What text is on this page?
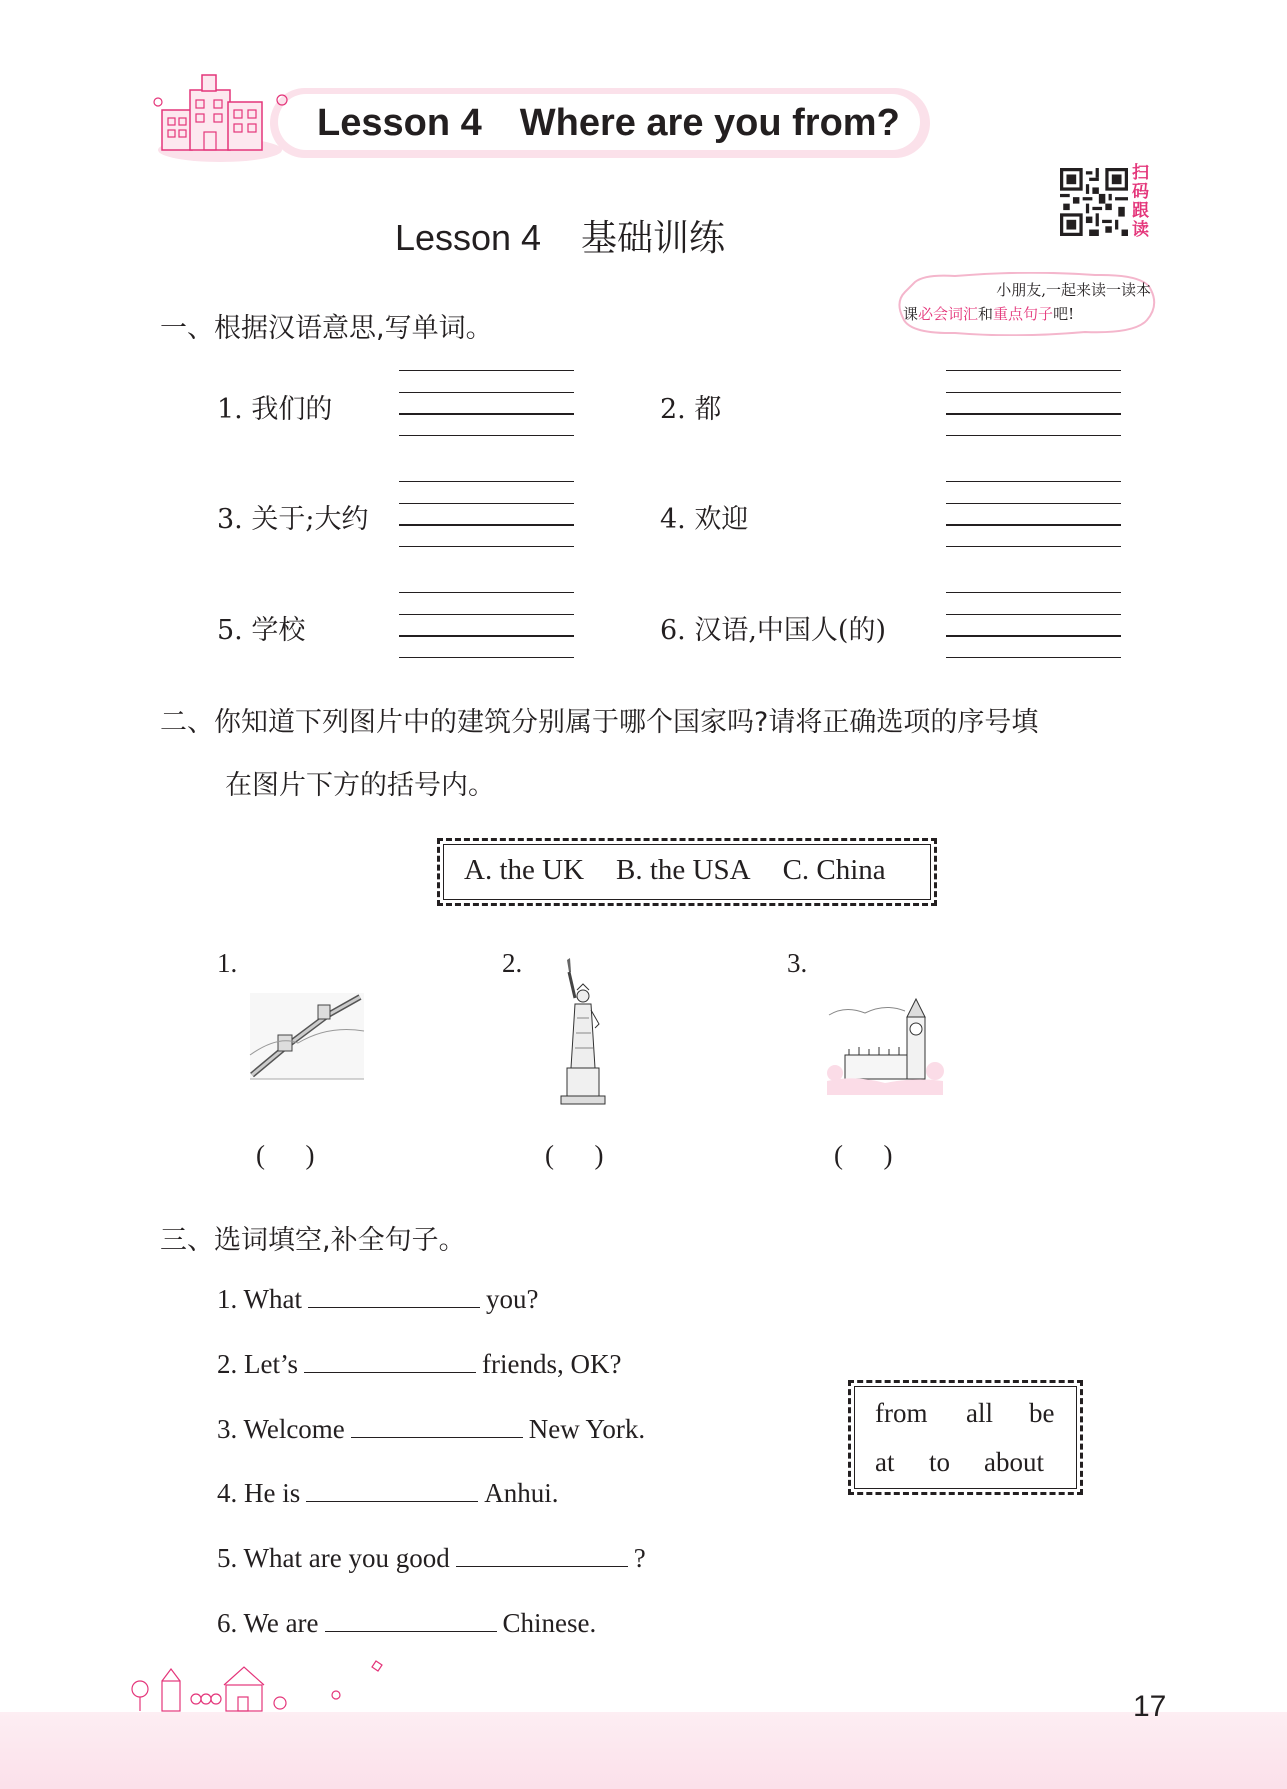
Lesson 4 Where are you from?
扫码跟读
Lesson 4 基础训练
小朋友,一起来读一读本
课必会词汇和重点句子吧!
一、根据汉语意思,写单词。
1. 我们的	2. 都
3. 关于;大约	4. 欢迎
5. 学校	6. 汉语,中国人(的)
二、你知道下列图片中的建筑分别属于哪个国家吗?请将正确选项的序号填
在图片下方的括号内。
A. the UK B. the USA C. China
1.	2.	3.
(      )	(      )	(      )
三、选词填空,补全句子。
1. What	you?
2. Let’s	friends, OK?
3. Welcome	New York.
4. He is	Anhui.
5. What are you good	?
6. We are	Chinese.
from all be
at to about
17
